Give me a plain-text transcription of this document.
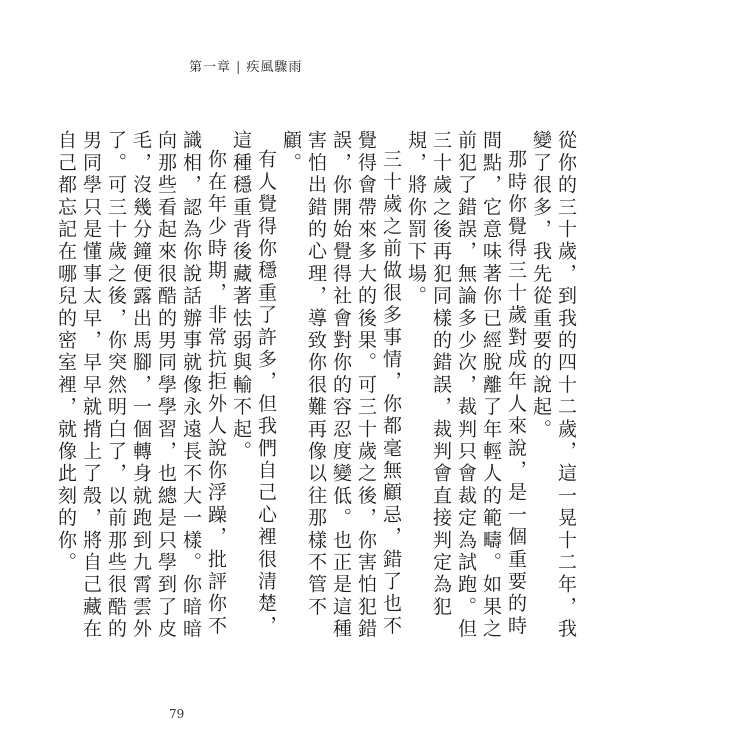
第一章 | 疾風驟雨

從你的三十歲，到我的四十二歲，這一晃十二年，我變了很多，我先從重要的說起。

那時你覺得三十歲對成年人來說，是一個重要的時間點，它意味著你已經脫離了年輕人的範疇。如果之前犯了錯誤，無論多少次，裁判只會裁定為試跑。但三十歲之後再犯同樣的錯誤，裁判會直接判定為犯規，將你罰下場。

三十歲之前做很多事情，你都毫無顧忌，錯了也不覺得會帶來多大的後果。可三十歲之後，你害怕犯錯誤，你開始覺得社會對你的容忍度變低。也正是這種害怕出錯的心理，導致你很難再像以往那樣不管不顧。

有人覺得你穩重了許多，但我們自己心裡很清楚，這種穩重背後藏著怯弱與輸不起。

你在年少時期，非常抗拒外人說你浮躁，批評你不識相，認為你說話辦事就像永遠長不大一樣。你暗暗向那些看起來很酷的男同學學習，也總是只學到了皮毛，沒幾分鐘便露出馬腳，一個轉身就跑到九霄雲外了。可三十歲之後，你突然明白了，以前那些很酷的男同學只是懂事太早，早早就揹上了殼，將自己藏在自己都忘記在哪兒的密室裡，就像此刻的你。

79
